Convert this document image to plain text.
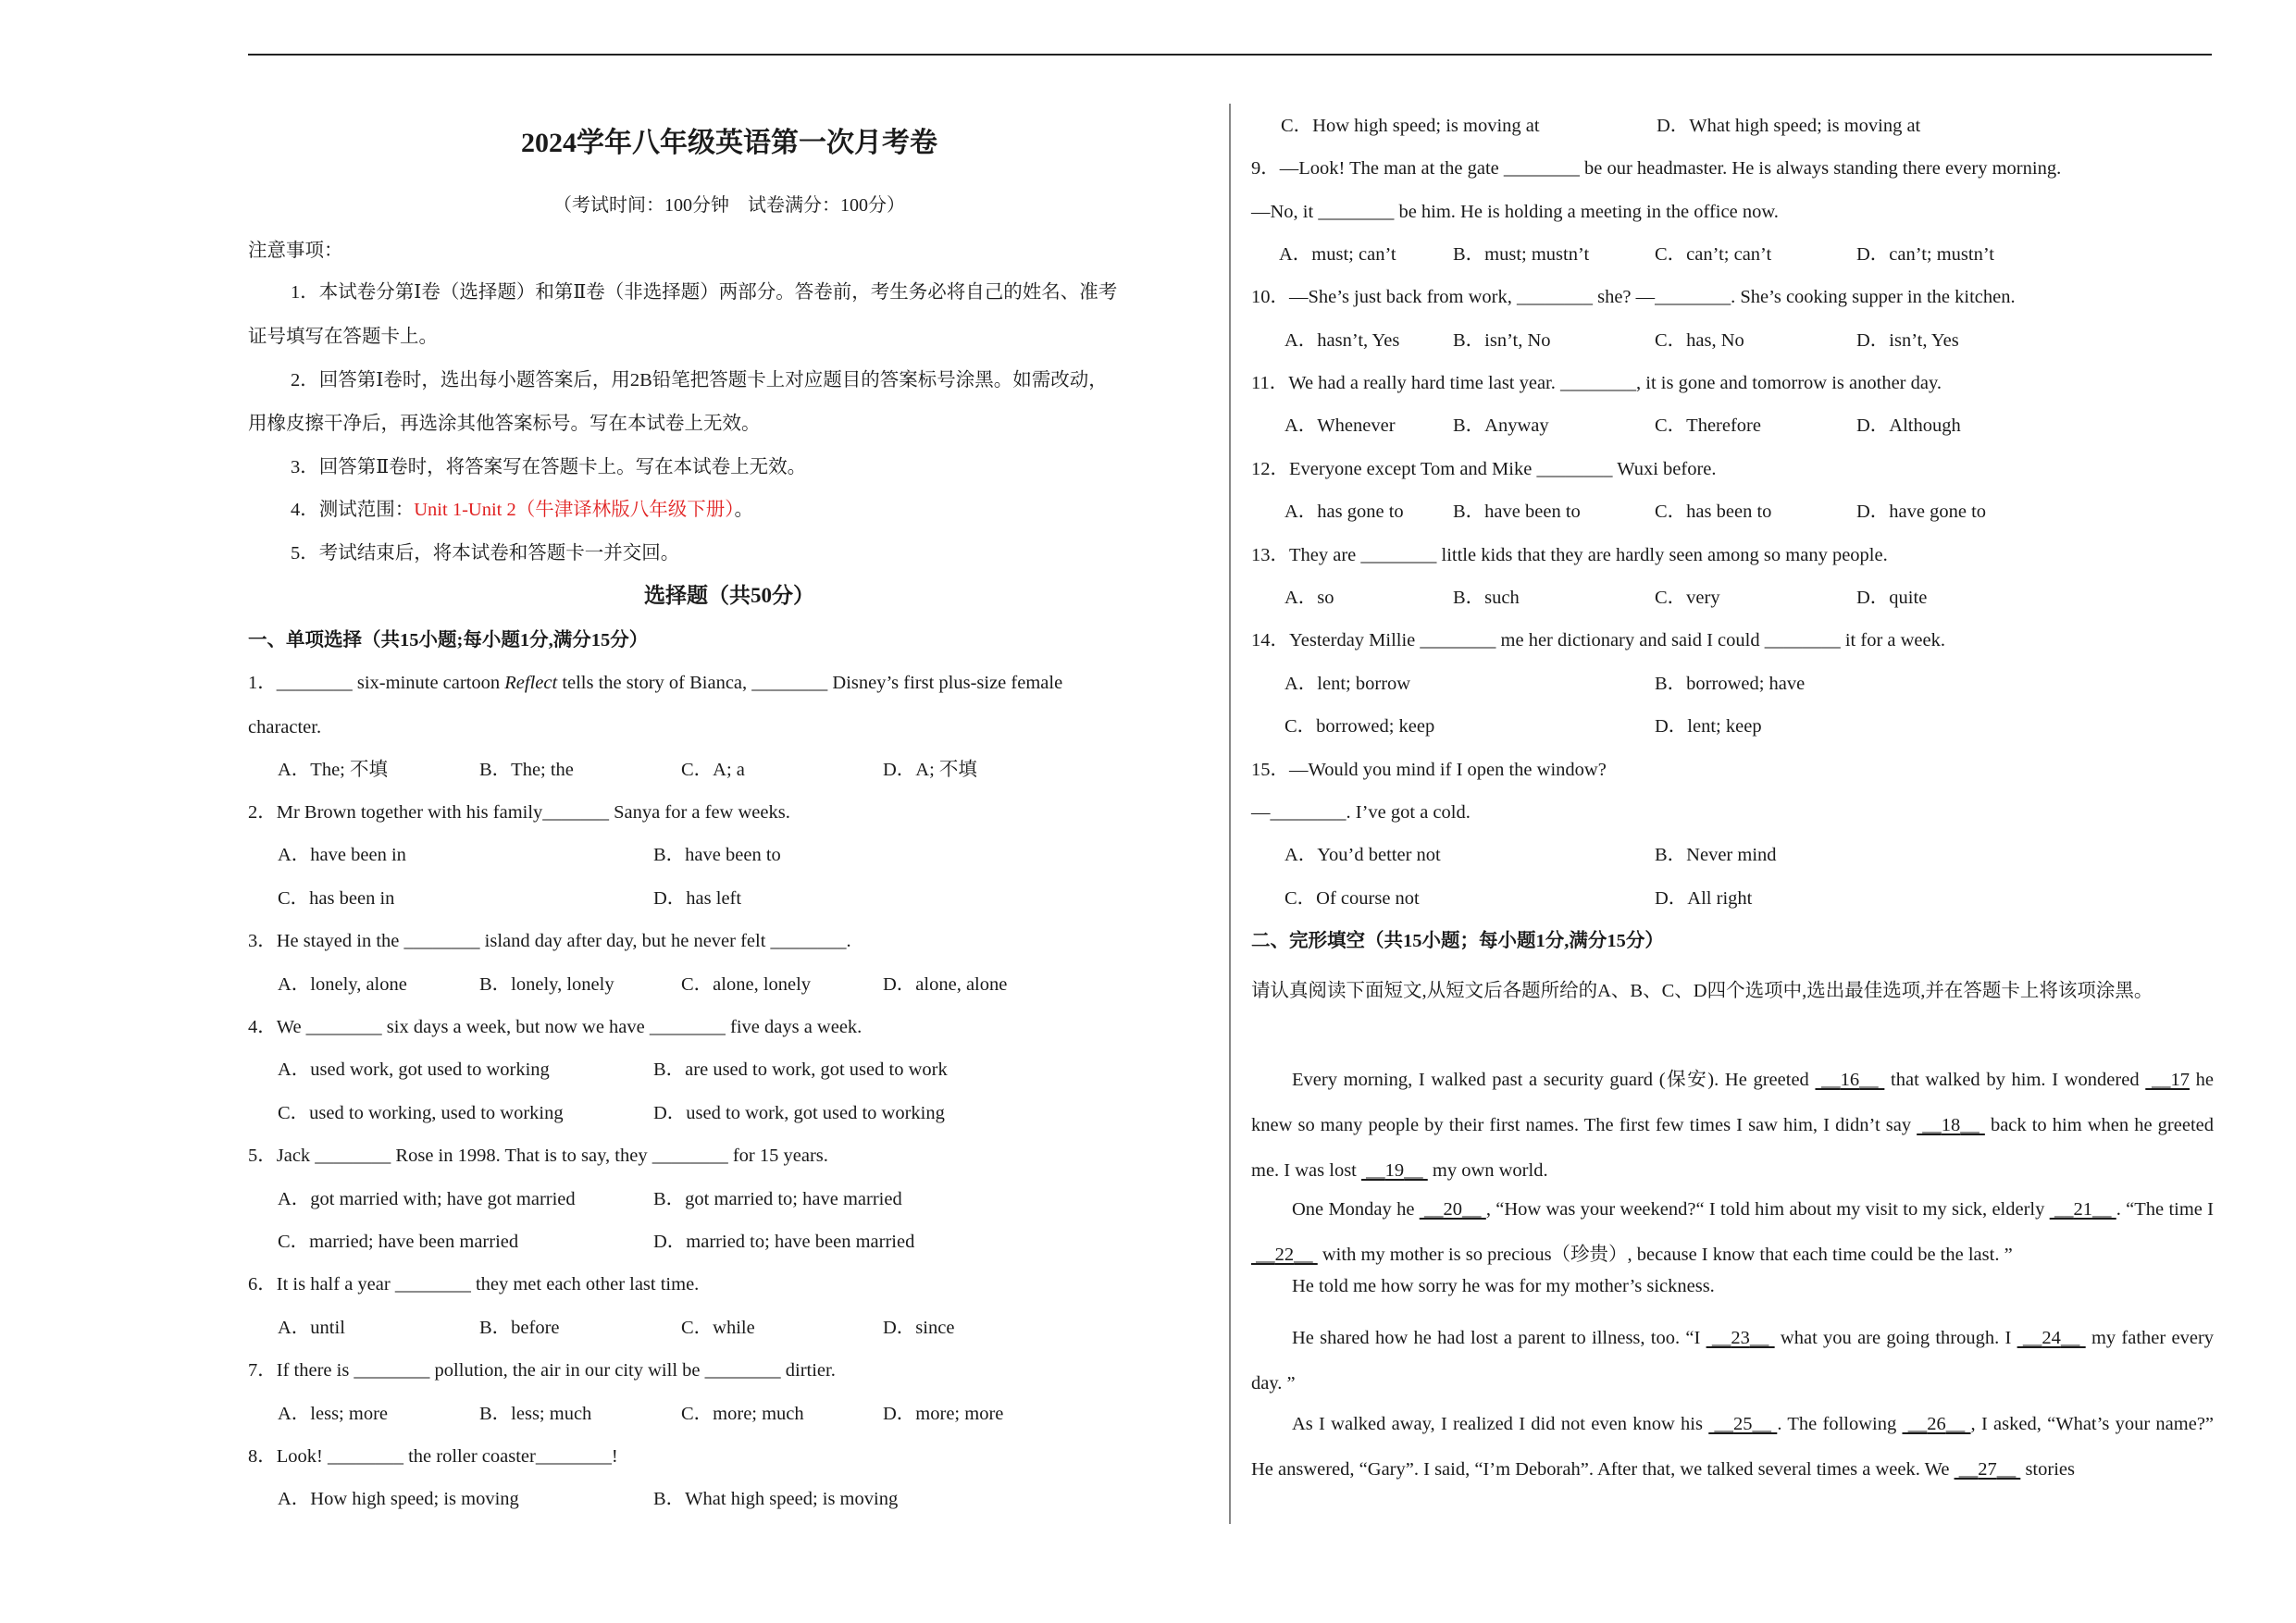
2024学年八年级英语第一次月考卷
（考试时间：100分钟　试卷满分：100分）
注意事项：
1．本试卷分第Ⅰ卷（选择题）和第Ⅱ卷（非选择题）两部分。答卷前，考生务必将自己的姓名、准考
证号填写在答题卡上。
2．回答第Ⅰ卷时，选出每小题答案后，用2B铅笔把答题卡上对应题目的答案标号涂黑。如需改动，
用橡皮擦干净后，再选涂其他答案标号。写在本试卷上无效。
3．回答第Ⅱ卷时，将答案写在答题卡上。写在本试卷上无效。
4．测试范围：Unit 1-Unit 2（牛津译林版八年级下册）。
5．考试结束后，将本试卷和答题卡一并交回。
选择题（共50分）
一、单项选择（共15小题;每小题1分,满分15分）
1．________ six-minute cartoon Reflect tells the story of Bianca, ________ Disney’s first plus-size female
character.
A．The; 不填	B．The; the	C．A; a	D．A; 不填
2．Mr Brown together with his family_______ Sanya for a few weeks.
A．have been in	B．have been to
C．has been in	D．has left
3．He stayed in the ________ island day after day, but he never felt ________.
A．lonely, alone	B．lonely, lonely	C．alone, lonely	D．alone, alone
4．We ________ six days a week, but now we have ________ five days a week.
A．used work, got used to working	B．are used to work, got used to work
C．used to working, used to working	D．used to work, got used to working
5．Jack ________ Rose in 1998. That is to say, they ________ for 15 years.
A．got married with; have got married	B．got married to; have married
C．married; have been married	D．married to; have been married
6．It is half a year ________ they met each other last time.
A．until	B．before	C．while	D．since
7．If there is ________ pollution, the air in our city will be ________ dirtier.
A．less; more	B．less; much	C．more; much	D．more; more
8．Look! ________ the roller coaster________!
A．How high speed; is moving	B．What high speed; is moving
C．How high speed; is moving at	D．What high speed; is moving at
9．—Look! The man at the gate ________ be our headmaster. He is always standing there every morning.
—No, it ________ be him. He is holding a meeting in the office now.
A．must; can’t	B．must; mustn’t	C．can’t; can’t	D．can’t; mustn’t
10．—She’s just back from work, ________ she? —________. She’s cooking supper in the kitchen.
A．hasn’t, Yes	B．isn’t, No	C．has, No	D．isn’t, Yes
11．We had a really hard time last year. ________, it is gone and tomorrow is another day.
A．Whenever	B．Anyway	C．Therefore	D．Although
12．Everyone except Tom and Mike ________ Wuxi before.
A．has gone to	B．have been to	C．has been to	D．have gone to
13．They are ________ little kids that they are hardly seen among so many people.
A．so	B．such	C．very	D．quite
14．Yesterday Millie ________ me her dictionary and said I could ________ it for a week.
A．lent; borrow	B．borrowed; have
C．borrowed; keep	D．lent; keep
15．—Would you mind if I open the window?
—________. I’ve got a cold.
A．You’d better not	B．Never mind
C．Of course not	D．All right
二、完形填空（共15小题；每小题1分,满分15分）
请认真阅读下面短文,从短文后各题所给的A、B、C、D四个选项中,选出最佳选项,并在答题卡上将该项涂黑。
Every morning, I walked past a security guard (保安). He greeted  __16__  that walked by him. I wondered  __17 he knew so many people by their first names. The first few times I saw him, I didn’t say  __18__  back to him when he greeted me. I was lost  __19__  my own world.
One Monday he  __20__ , “How was your weekend?“ I told him about my visit to my sick, elderly  __21__ . “The time I  __22__  with my mother is so precious（珍贵）, because I know that each time could be the last. ”
He told me how sorry he was for my mother’s sickness.
He shared how he had lost a parent to illness, too. “I  __23__  what you are going through. I  __24__  my father every day. ”
As I walked away, I realized I did not even know his  __25__ . The following  __26__ , I asked, “What’s your name?” He answered, “Gary”. I said, “I’m Deborah”. After that, we talked several times a week. We  __27__  stories
